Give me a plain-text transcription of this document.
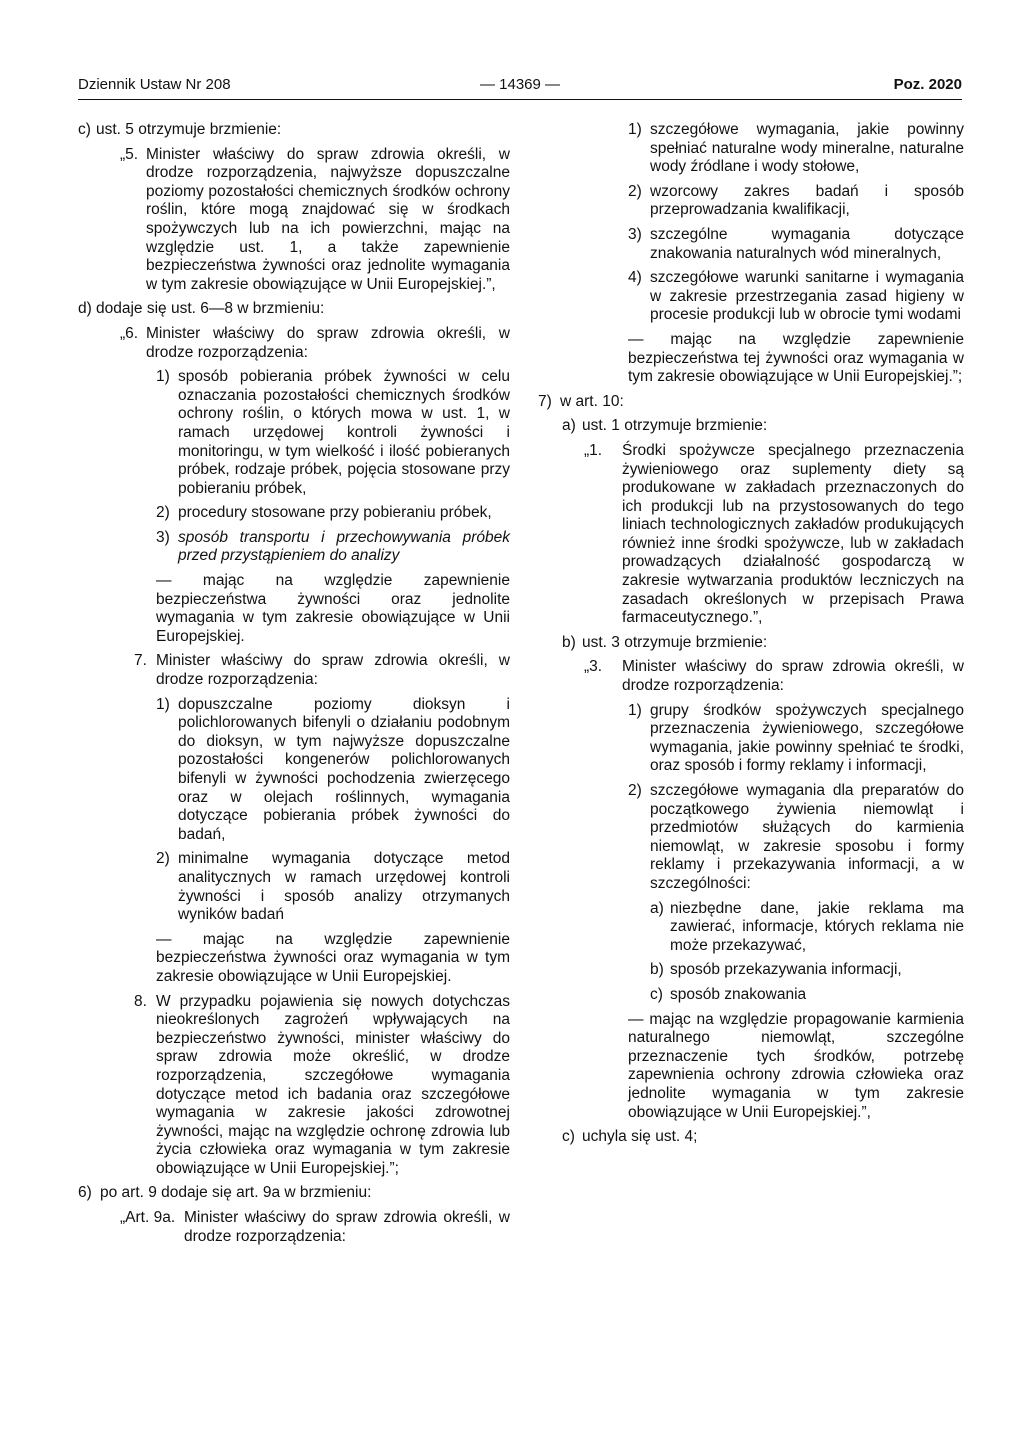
Dziennik Ustaw Nr 208	— 14369 —	Poz. 2020
c) ust. 5 otrzymuje brzmienie:
„5. Minister właściwy do spraw zdrowia określi, w drodze rozporządzenia, najwyższe dopuszczalne poziomy pozostałości chemicznych środków ochrony roślin, które mogą znajdować się w środkach spożywczych lub na ich powierzchni, mając na względzie ust. 1, a także zapewnienie bezpieczeństwa żywności oraz jednolite wymagania w tym zakresie obowiązujące w Unii Europejskiej.”,
d) dodaje się ust. 6—8 w brzmieniu:
„6. Minister właściwy do spraw zdrowia określi, w drodze rozporządzenia:
1) sposób pobierania próbek żywności w celu oznaczania pozostałości chemicznych środków ochrony roślin, o których mowa w ust. 1, w ramach urzędowej kontroli żywności i monitoringu, w tym wielkość i ilość pobieranych próbek, rodzaje próbek, pojęcia stosowane przy pobieraniu próbek,
2) procedury stosowane przy pobieraniu próbek,
3) sposób transportu i przechowywania próbek przed przystąpieniem do analizy
— mając na względzie zapewnienie bezpieczeństwa żywności oraz jednolite wymagania w tym zakresie obowiązujące w Unii Europejskiej.
7. Minister właściwy do spraw zdrowia określi, w drodze rozporządzenia:
1) dopuszczalne poziomy dioksyn i polichlorowanych bifenyli o działaniu podobnym do dioksyn, w tym najwyższe dopuszczalne pozostałości kongenerów polichlorowanych bifenyli w żywności pochodzenia zwierzęcego oraz w olejach roślinnych, wymagania dotyczące pobierania próbek żywności do badań,
2) minimalne wymagania dotyczące metod analitycznych w ramach urzędowej kontroli żywności i sposób analizy otrzymanych wyników badań
— mając na względzie zapewnienie bezpieczeństwa żywności oraz wymagania w tym zakresie obowiązujące w Unii Europejskiej.
8. W przypadku pojawienia się nowych dotychczas nieokreślonych zagrożeń wpływających na bezpieczeństwo żywności, minister właściwy do spraw zdrowia może określić, w drodze rozporządzenia, szczegółowe wymagania dotyczące metod ich badania oraz szczegółowe wymagania w zakresie jakości zdrowotnej żywności, mając na względzie ochronę zdrowia lub życia człowieka oraz wymagania w tym zakresie obowiązujące w Unii Europejskiej.”;
6) po art. 9 dodaje się art. 9a w brzmieniu:
„Art. 9a. Minister właściwy do spraw zdrowia określi, w drodze rozporządzenia:
1) szczegółowe wymagania, jakie powinny spełniać naturalne wody mineralne, naturalne wody źródlane i wody stołowe,
2) wzorcowy zakres badań i sposób przeprowadzania kwalifikacji,
3) szczególne wymagania dotyczące znakowania naturalnych wód mineralnych,
4) szczegółowe warunki sanitarne i wymagania w zakresie przestrzegania zasad higieny w procesie produkcji lub w obrocie tymi wodami
— mając na względzie zapewnienie bezpieczeństwa tej żywności oraz wymagania w tym zakresie obowiązujące w Unii Europejskiej.”;
7) w art. 10:
a) ust. 1 otrzymuje brzmienie:
„1. Środki spożywcze specjalnego przeznaczenia żywieniowego oraz suplementy diety są produkowane w zakładach przeznaczonych do ich produkcji lub na przystosowanych do tego liniach technologicznych zakładów produkujących również inne środki spożywcze, lub w zakładach prowadzących działalność gospodarczą w zakresie wytwarzania produktów leczniczych na zasadach określonych w przepisach Prawa farmaceutycznego.”,
b) ust. 3 otrzymuje brzmienie:
„3. Minister właściwy do spraw zdrowia określi, w drodze rozporządzenia:
1) grupy środków spożywczych specjalnego przeznaczenia żywieniowego, szczegółowe wymagania, jakie powinny spełniać te środki, oraz sposób i formy reklamy i informacji,
2) szczegółowe wymagania dla preparatów do początkowego żywienia niemowląt i przedmiotów służących do karmienia niemowląt, w zakresie sposobu i formy reklamy i przekazywania informacji, a w szczególności:
a) niezbędne dane, jakie reklama ma zawierać, informacje, których reklama nie może przekazywać,
b) sposób przekazywania informacji,
c) sposób znakowania
— mając na względzie propagowanie karmienia naturalnego niemowląt, szczególne przeznaczenie tych środków, potrzebę zapewnienia ochrony zdrowia człowieka oraz jednolite wymagania w tym zakresie obowiązujące w Unii Europejskiej.”,
c) uchyla się ust. 4;
